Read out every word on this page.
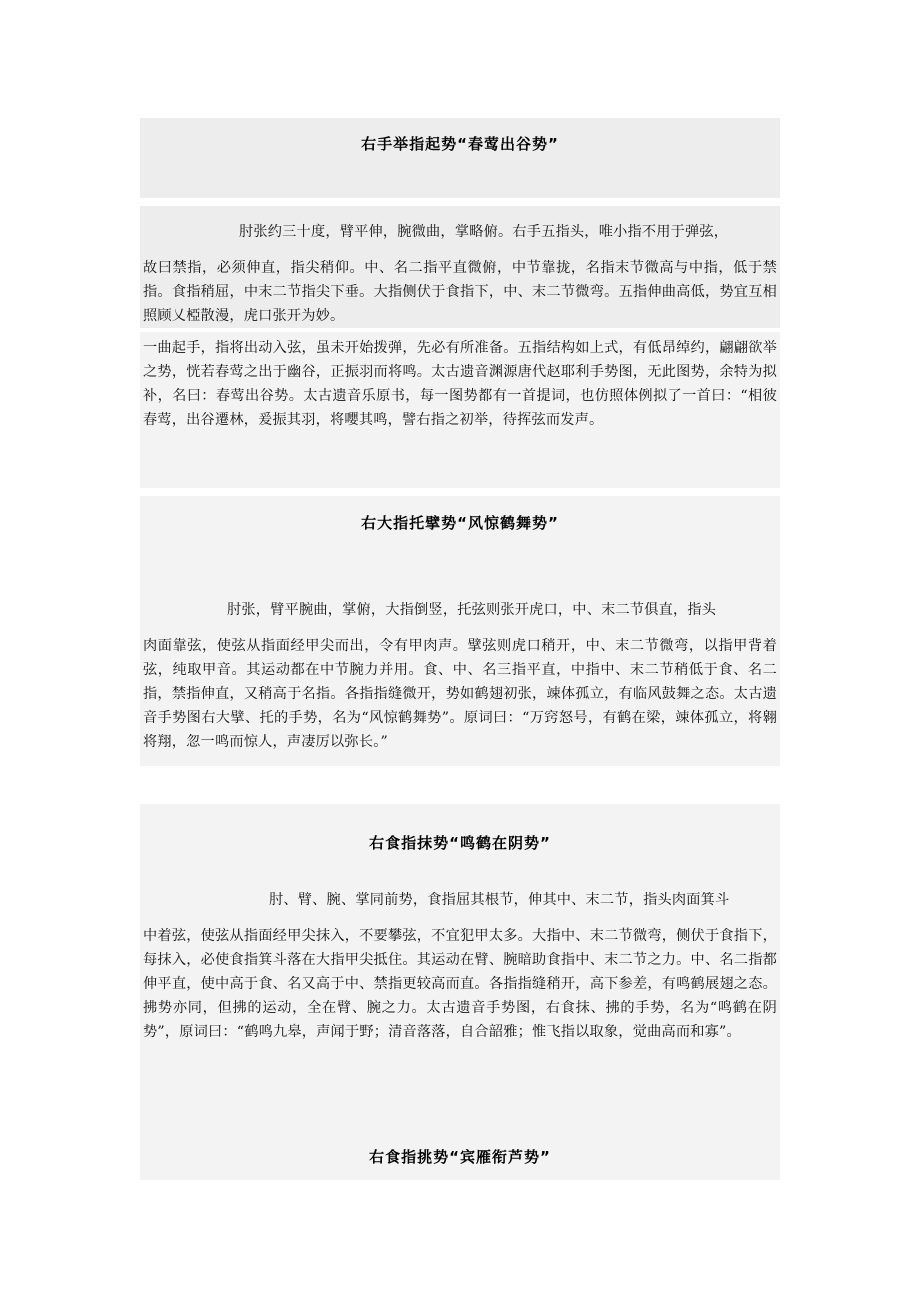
右手举指起势“春莺出谷势”
肘张约三十度，臂平伸，腕微曲，掌略俯。右手五指头，唯小指不用于弹弦，
故曰禁指，必须伸直，指尖稍仰。中、名二指平直微俯，中节靠拢，名指末节微高与中指，低于禁指。食指稍屈，中末二节指尖下垂。大指侧伏于食指下，中、末二节微弯。五指伸曲高低，势宜互相照顾乂椏散漫，虎口张开为妙。
一曲起手，指将出动入弦，虽未开始拨弹，先必有所准备。五指结构如上式，有低昂绰约，翩翩欲举之势，恍若春莺之出于幽谷，正振羽而将鸣。太古遗音渊源唐代赵耶利手势图，无此图势，余特为拟补，名曰：春莺出谷势。太古遗音乐原书，每一图势都有一首提词，也仿照体例拟了一首曰：“相彼春莺，出谷遷林，爰振其羽，将嚶其鸣，譬右指之初举，待挥弦而发声。
右大指托擘势“风惊鹤舞势”
肘张，臂平腕曲，掌俯，大指倒竖，托弦则张开虎口，中、末二节俱直，指头
肉面靠弦，使弦从指面经甲尖而出，令有甲肉声。擘弦则虎口稍开，中、末二节微弯，以指甲背着弦，纯取甲音。其运动都在中节腕力并用。食、中、名三指平直，中指中、末二节稍低于食、名二指，禁指伸直，又稍高于名指。各指指缝微开，势如鹤翅初张，竦体孤立，有临风鼓舞之态。太古遗音手势图右大擘、托的手势，名为“风惊鹤舞势”。原词曰：“万窍怒号，有鹤在梁，竦体孤立，将翱将翔，忽一鸣而惊人，声凄厉以弥长。”
右食指抹势“鸣鹤在阴势”
肘、臂、腕、掌同前势，食指屈其根节，伸其中、末二节，指头肉面箕斗
中着弦，使弦从指面经甲尖抹入，不要攀弦，不宜犯甲太多。大指中、末二节微弯，侧伏于食指下，每抹入，必使食指箕斗落在大指甲尖抵住。其运动在臂、腕暗助食指中、末二节之力。中、名二指都伸平直，使中高于食、名又高于中、禁指更较高而直。各指指缝稍开，高下参差，有鸣鹤展翅之态。拂势亦同，但拂的运动，全在臂、腕之力。太古遗音手势图，右食抹、拂的手势，名为“鸣鹤在阴势”，原词曰：“鹤鸣九皋，声闻于野；清音落落，自合韶雅；惟飞指以取象，觉曲高而和寡”。
右食指挑势“宾雁衔芦势”
